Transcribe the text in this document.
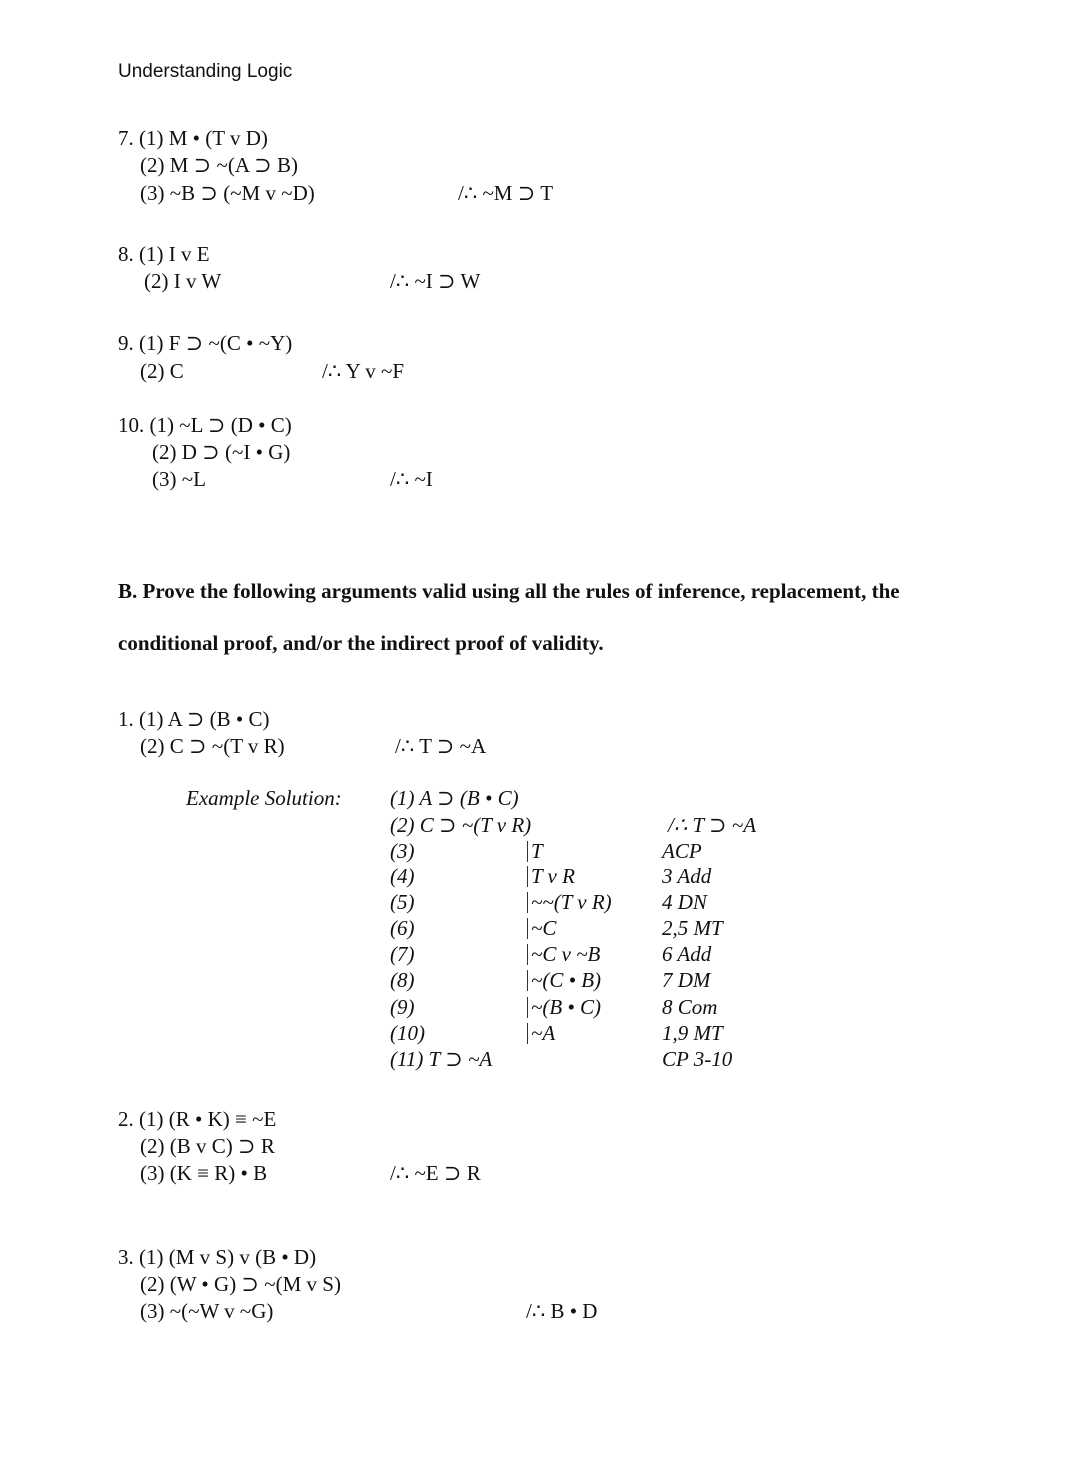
Understanding Logic
7. (1) M • (T v D)
(2) M ⊃ ~(A ⊃ B)
(3) ~B ⊃ (~M v ~D)	/∴ ~M ⊃ T
8. (1) I v E
(2) I v W	/∴ ~I ⊃ W
9. (1) F ⊃ ~(C • ~Y)
(2) C	/∴ Y v ~F
10. (1) ~L ⊃ (D • C)
(2) D ⊃ (~I • G)
(3) ~L	/∴ ~I
B. Prove the following arguments valid using all the rules of inference, replacement, the
conditional proof, and/or the indirect proof of validity.
1. (1) A ⊃ (B • C)
(2) C ⊃ ~(T v R)	/∴ T ⊃ ~A
Example Solution: (1) A ⊃ (B • C)
(2) C ⊃ ~(T v R)	/∴ T ⊃ ~A
(3)	T	ACP
(4)	T v R	3 Add
(5)	~~(T v R) 4 DN
(6)	~C	2,5 MT
(7)	~C v ~B	6 Add
(8)	~(C • B)	7 DM
(9)	~(B • C)	8 Com
(10)	~A	1,9 MT
(11) T ⊃ ~A	CP 3-10
2. (1) (R • K) ≡ ~E
(2) (B v C) ⊃ R
(3) (K ≡ R) • B	/∴ ~E ⊃ R
3. (1) (M v S) v (B • D)
(2) (W • G) ⊃ ~(M v S)
(3) ~(~W v ~G)	/∴ B • D
